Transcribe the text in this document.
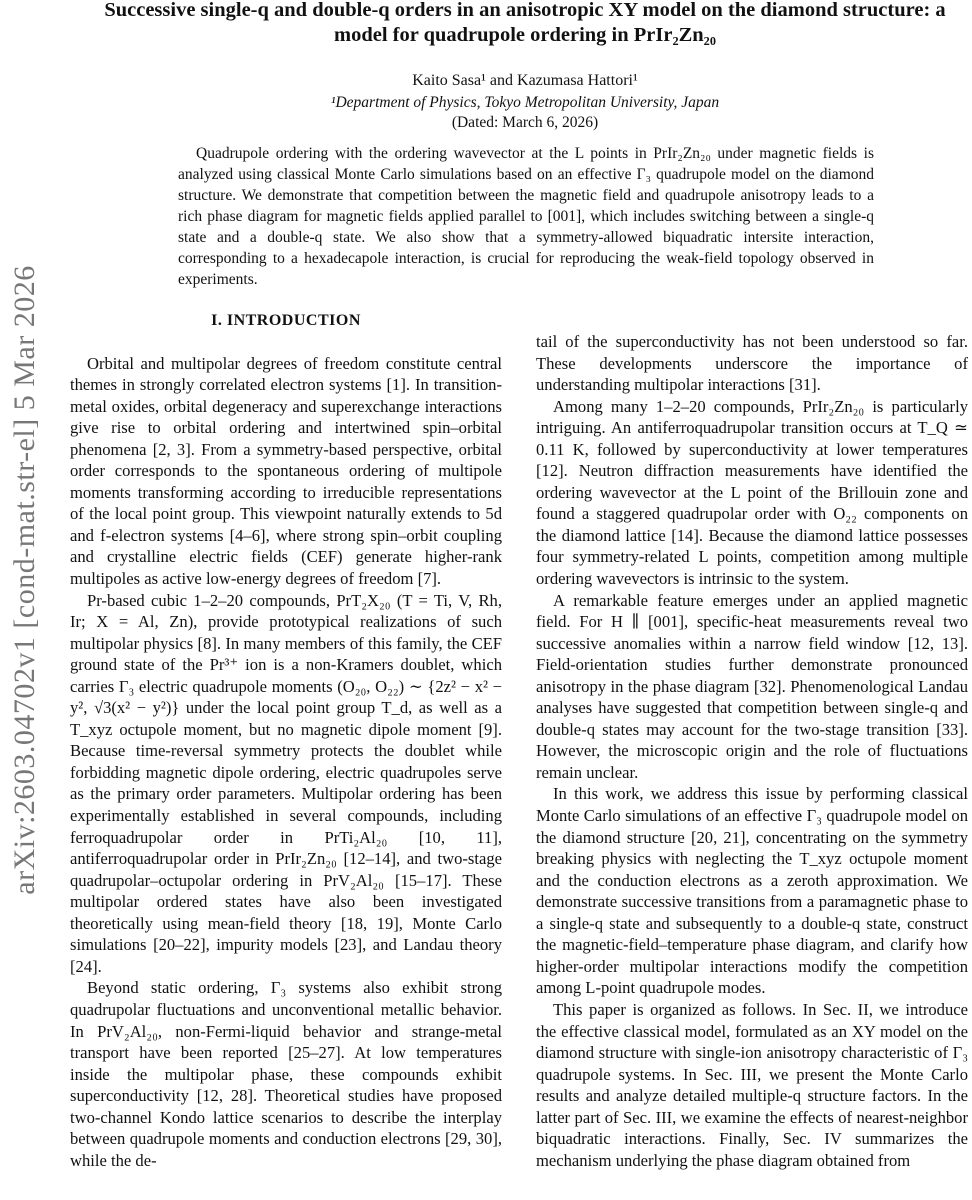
arXiv:2603.04702v1 [cond-mat.str-el] 5 Mar 2026
Successive single-q and double-q orders in an anisotropic XY model on the diamond structure: a model for quadrupole ordering in PrIr₂Zn₂₀
Kaito Sasa¹ and Kazumasa Hattori¹
¹Department of Physics, Tokyo Metropolitan University, Japan
(Dated: March 6, 2026)
Quadrupole ordering with the ordering wavevector at the L points in PrIr₂Zn₂₀ under magnetic fields is analyzed using classical Monte Carlo simulations based on an effective Γ₃ quadrupole model on the diamond structure. We demonstrate that competition between the magnetic field and quadrupole anisotropy leads to a rich phase diagram for magnetic fields applied parallel to [001], which includes switching between a single-q state and a double-q state. We also show that a symmetry-allowed biquadratic intersite interaction, corresponding to a hexadecapole interaction, is crucial for reproducing the weak-field topology observed in experiments.
I. INTRODUCTION

Orbital and multipolar degrees of freedom constitute central themes in strongly correlated electron systems [1]. In transition-metal oxides, orbital degeneracy and superexchange interactions give rise to orbital ordering and intertwined spin–orbital phenomena [2, 3]. From a symmetry-based perspective, orbital order corresponds to the spontaneous ordering of multipole moments transforming according to irreducible representations of the local point group. This viewpoint naturally extends to 5d and f-electron systems [4–6], where strong spin–orbit coupling and crystalline electric fields (CEF) generate higher-rank multipoles as active low-energy degrees of freedom [7].

Pr-based cubic 1–2–20 compounds, PrT₂X₂₀ (T = Ti, V, Rh, Ir; X = Al, Zn), provide prototypical realizations of such multipolar physics [8]. In many members of this family, the CEF ground state of the Pr³⁺ ion is a non-Kramers doublet, which carries Γ₃ electric quadrupole moments (O₂₀, O₂₂) ∼ {2z² − x² − y², √3(x² − y²)} under the local point group T_d, as well as a T_xyz octupole moment, but no magnetic dipole moment [9]. Because time-reversal symmetry protects the doublet while forbidding magnetic dipole ordering, electric quadrupoles serve as the primary order parameters. Multipolar ordering has been experimentally established in several compounds, including ferroquadrupolar order in PrTi₂Al₂₀ [10, 11], antiferroquadrupolar order in PrIr₂Zn₂₀ [12–14], and two-stage quadrupolar–octupolar ordering in PrV₂Al₂₀ [15–17]. These multipolar ordered states have also been investigated theoretically using mean-field theory [18, 19], Monte Carlo simulations [20–22], impurity models [23], and Landau theory [24].

Beyond static ordering, Γ₃ systems also exhibit strong quadrupolar fluctuations and unconventional metallic behavior. In PrV₂Al₂₀, non-Fermi-liquid behavior and strange-metal transport have been reported [25–27]. At low temperatures inside the multipolar phase, these compounds exhibit superconductivity [12, 28]. Theoretical studies have proposed two-channel Kondo lattice scenarios to describe the interplay between quadrupole moments and conduction electrons [29, 30], while the de-

tail of the superconductivity has not been understood so far. These developments underscore the importance of understanding multipolar interactions [31].

Among many 1–2–20 compounds, PrIr₂Zn₂₀ is particularly intriguing. An antiferroquadrupolar transition occurs at T_Q ≃ 0.11 K, followed by superconductivity at lower temperatures [12]. Neutron diffraction measurements have identified the ordering wavevector at the L point of the Brillouin zone and found a staggered quadrupolar order with O₂₂ components on the diamond lattice [14]. Because the diamond lattice possesses four symmetry-related L points, competition among multiple ordering wavevectors is intrinsic to the system.

A remarkable feature emerges under an applied magnetic field. For H ∥ [001], specific-heat measurements reveal two successive anomalies within a narrow field window [12, 13]. Field-orientation studies further demonstrate pronounced anisotropy in the phase diagram [32]. Phenomenological Landau analyses have suggested that competition between single-q and double-q states may account for the two-stage transition [33]. However, the microscopic origin and the role of fluctuations remain unclear.

In this work, we address this issue by performing classical Monte Carlo simulations of an effective Γ₃ quadrupole model on the diamond structure [20, 21], concentrating on the symmetry breaking physics with neglecting the T_xyz octupole moment and the conduction electrons as a zeroth approximation. We demonstrate successive transitions from a paramagnetic phase to a single-q state and subsequently to a double-q state, construct the magnetic-field–temperature phase diagram, and clarify how higher-order multipolar interactions modify the competition among L-point quadrupole modes.

This paper is organized as follows. In Sec. II, we introduce the effective classical model, formulated as an XY model on the diamond structure with single-ion anisotropy characteristic of Γ₃ quadrupole systems. In Sec. III, we present the Monte Carlo results and analyze detailed multiple-q structure factors. In the latter part of Sec. III, we examine the effects of nearest-neighbor biquadratic interactions. Finally, Sec. IV summarizes the mechanism underlying the phase diagram obtained from
